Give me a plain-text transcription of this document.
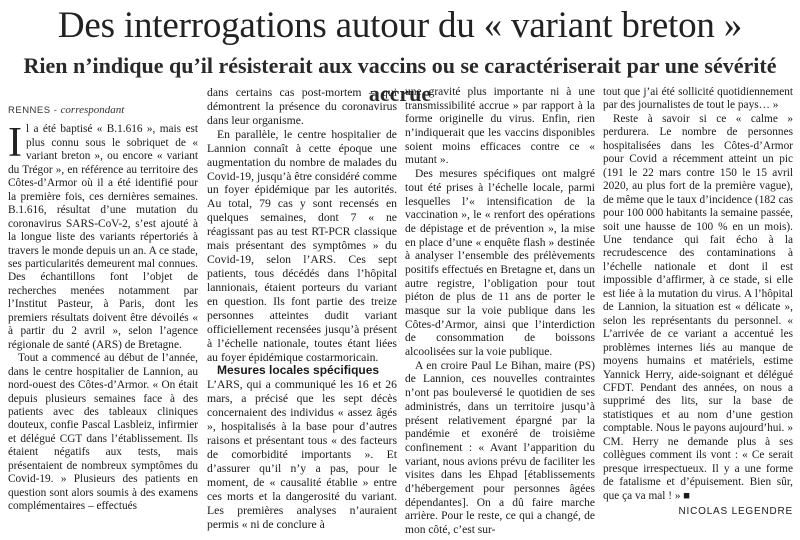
Des interrogations autour du « variant breton »
Rien n’indique qu’il résisterait aux vaccins ou se caractériserait par une sévérité accrue
RENNES - correspondant

Il a été baptisé « B.1.616 », mais est plus connu sous le sobriquet de « variant breton », ou encore « variant du Trégor », en référence au territoire des Côtes-d’Armor où il a été identifié pour la première fois, ces dernières semaines. B.1.616, résultat d’une mutation du coronavirus SARS-CoV-2, s’est ajouté à la longue liste des variants répertoriés à travers le monde depuis un an. A ce stade, ses particularités demeurent mal connues. Des échantillons font l’objet de recherches menées notamment par l’Institut Pasteur, à Paris, dont les premiers résultats doivent être dévoilés « à partir du 2 avril », selon l’agence régionale de santé (ARS) de Bretagne.

Tout a commencé au début de l’année, dans le centre hospitalier de Lannion, au nord-ouest des Côtes-d’Armor. « On était depuis plusieurs semaines face à des patients avec des tableaux cliniques douteux, confie Pascal Lasbleiz, infirmier et délégué CGT dans l’établissement. Ils étaient négatifs aux tests, mais présentaient de nombreux symptômes du Covid-19. » Plusieurs des patients en question sont alors soumis à des examens complémentaires – effectués

dans certains cas post-mortem – qui démontrent la présence du coronavirus dans leur organisme.

En parallèle, le centre hospitalier de Lannion connaît à cette époque une augmentation du nombre de malades du Covid-19, jusqu’à être considéré comme un foyer épidémique par les autorités. Au total, 79 cas y sont recensés en quelques semaines, dont 7 « ne réagissant pas au test RT-PCR classique mais présentant des symptômes » du Covid-19, selon l’ARS. Ces sept patients, tous décédés dans l’hôpital lannionais, étaient porteurs du variant en question. Ils font partie des treize personnes atteintes dudit variant officiellement recensées jusqu’à présent à l’échelle nationale, toutes étant liées au foyer épidémique costarmoricain.

Mesures locales spécifiques

L’ARS, qui a communiqué les 16 et 26 mars, a précisé que les sept décès concernaient des individus « assez âgés », hospitalisés à la base pour d’autres raisons et présentant tous « des facteurs de comorbidité importants ». Et d’assurer qu’il n’y a pas, pour le moment, de « causalité établie » entre ces morts et la dangerosité du variant. Les premières analyses n’auraient permis « ni de conclure à

une gravité plus importante ni à une transmissibilité accrue » par rapport à la forme originelle du virus. Enfin, rien n’indiquerait que les vaccins disponibles soient moins efficaces contre ce « mutant ».

Des mesures spécifiques ont malgré tout été prises à l’échelle locale, parmi lesquelles l’« intensification de la vaccination », le « renfort des opérations de dépistage et de prévention », la mise en place d’une « enquête flash » destinée à analyser l’ensemble des prélèvements positifs effectués en Bretagne et, dans un autre registre, l’obligation pour tout piéton de plus de 11 ans de porter le masque sur la voie publique dans les Côtes-d’Armor, ainsi que l’interdiction de consommation de boissons alcoolisées sur la voie publique.

A en croire Paul Le Bihan, maire (PS) de Lannion, ces nouvelles contraintes n’ont pas bouleversé le quotidien de ses administrés, dans un territoire jusqu’à présent relativement épargné par la pandémie et exonéré de troisième confinement : « Avant l’apparition du variant, nous avions prévu de faciliter les visites dans les Ehpad [établissements d’hébergement pour personnes âgées dépendantes]. On a dû faire marche arrière. Pour le reste, ce qui a changé, de mon côté, c’est sur-

tout que j’ai été sollicité quotidiennement par des journalistes de tout le pays… »

Reste à savoir si ce « calme » perdurera. Le nombre de personnes hospitalisées dans les Côtes-d’Armor pour Covid a récemment atteint un pic (191 le 22 mars contre 150 le 15 avril 2020, au plus fort de la première vague), de même que le taux d’incidence (182 cas pour 100 000 habitants la semaine passée, soit une hausse de 100 % en un mois). Une tendance qui fait écho à la recrudescence des contaminations à l’échelle nationale et dont il est impossible d’affirmer, à ce stade, si elle est liée à la mutation du virus. A l’hôpital de Lannion, la situation est « délicate », selon les représentants du personnel. « L’arrivée de ce variant a accentué les problèmes internes liés au manque de moyens humains et matériels, estime Yannick Herry, aide-soignant et délégué CFDT. Pendant des années, on nous a supprimé des lits, sur la base de statistiques et au nom d’une gestion comptable. Nous le payons aujourd’hui. » CM. Herry ne demande plus à ses collègues comment ils vont : « Ce serait presque irrespectueux. Il y a une forme de fatalisme et d’épuisement. Bien sûr, que ça va mal ! » ■

NICOLAS LEGENDRE
